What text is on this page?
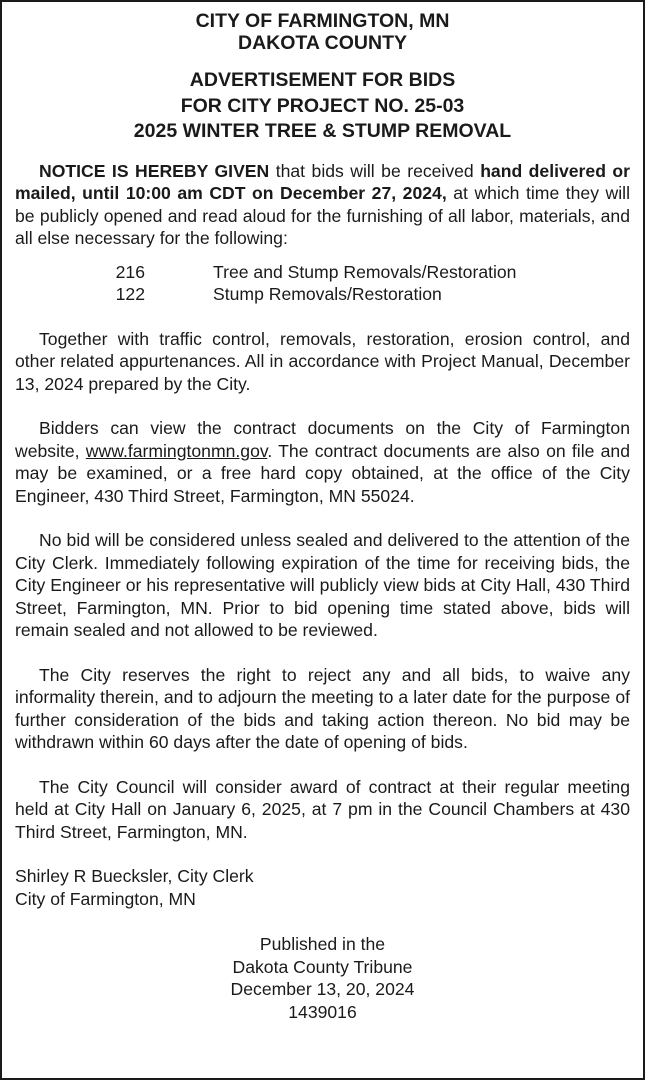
CITY OF FARMINGTON, MN
DAKOTA COUNTY
ADVERTISEMENT FOR BIDS
FOR CITY PROJECT NO. 25-03
2025 WINTER TREE & STUMP REMOVAL

NOTICE IS HEREBY GIVEN that bids will be received hand delivered or mailed, until 10:00 am CDT on December 27, 2024, at which time they will be publicly opened and read aloud for the furnishing of all labor, materials, and all else necessary for the following:

216	Tree and Stump Removals/Restoration
122	Stump Removals/Restoration

Together with traffic control, removals, restoration, erosion control, and other related appurtenances. All in accordance with Project Manual, December 13, 2024 prepared by the City.

Bidders can view the contract documents on the City of Farmington website, www.farmingtonmn.gov. The contract documents are also on file and may be examined, or a free hard copy obtained, at the office of the City Engineer, 430 Third Street, Farmington, MN 55024.

No bid will be considered unless sealed and delivered to the attention of the City Clerk. Immediately following expiration of the time for receiving bids, the City Engineer or his representative will publicly view bids at City Hall, 430 Third Street, Farmington, MN. Prior to bid opening time stated above, bids will remain sealed and not allowed to be reviewed.

The City reserves the right to reject any and all bids, to waive any informality therein, and to adjourn the meeting to a later date for the purpose of further consideration of the bids and taking action thereon. No bid may be withdrawn within 60 days after the date of opening of bids.

The City Council will consider award of contract at their regular meeting held at City Hall on January 6, 2025, at 7 pm in the Council Chambers at 430 Third Street, Farmington, MN.

Shirley R Buecksler, City Clerk
City of Farmington, MN
Published in the
Dakota County Tribune
December 13, 20, 2024
1439016
